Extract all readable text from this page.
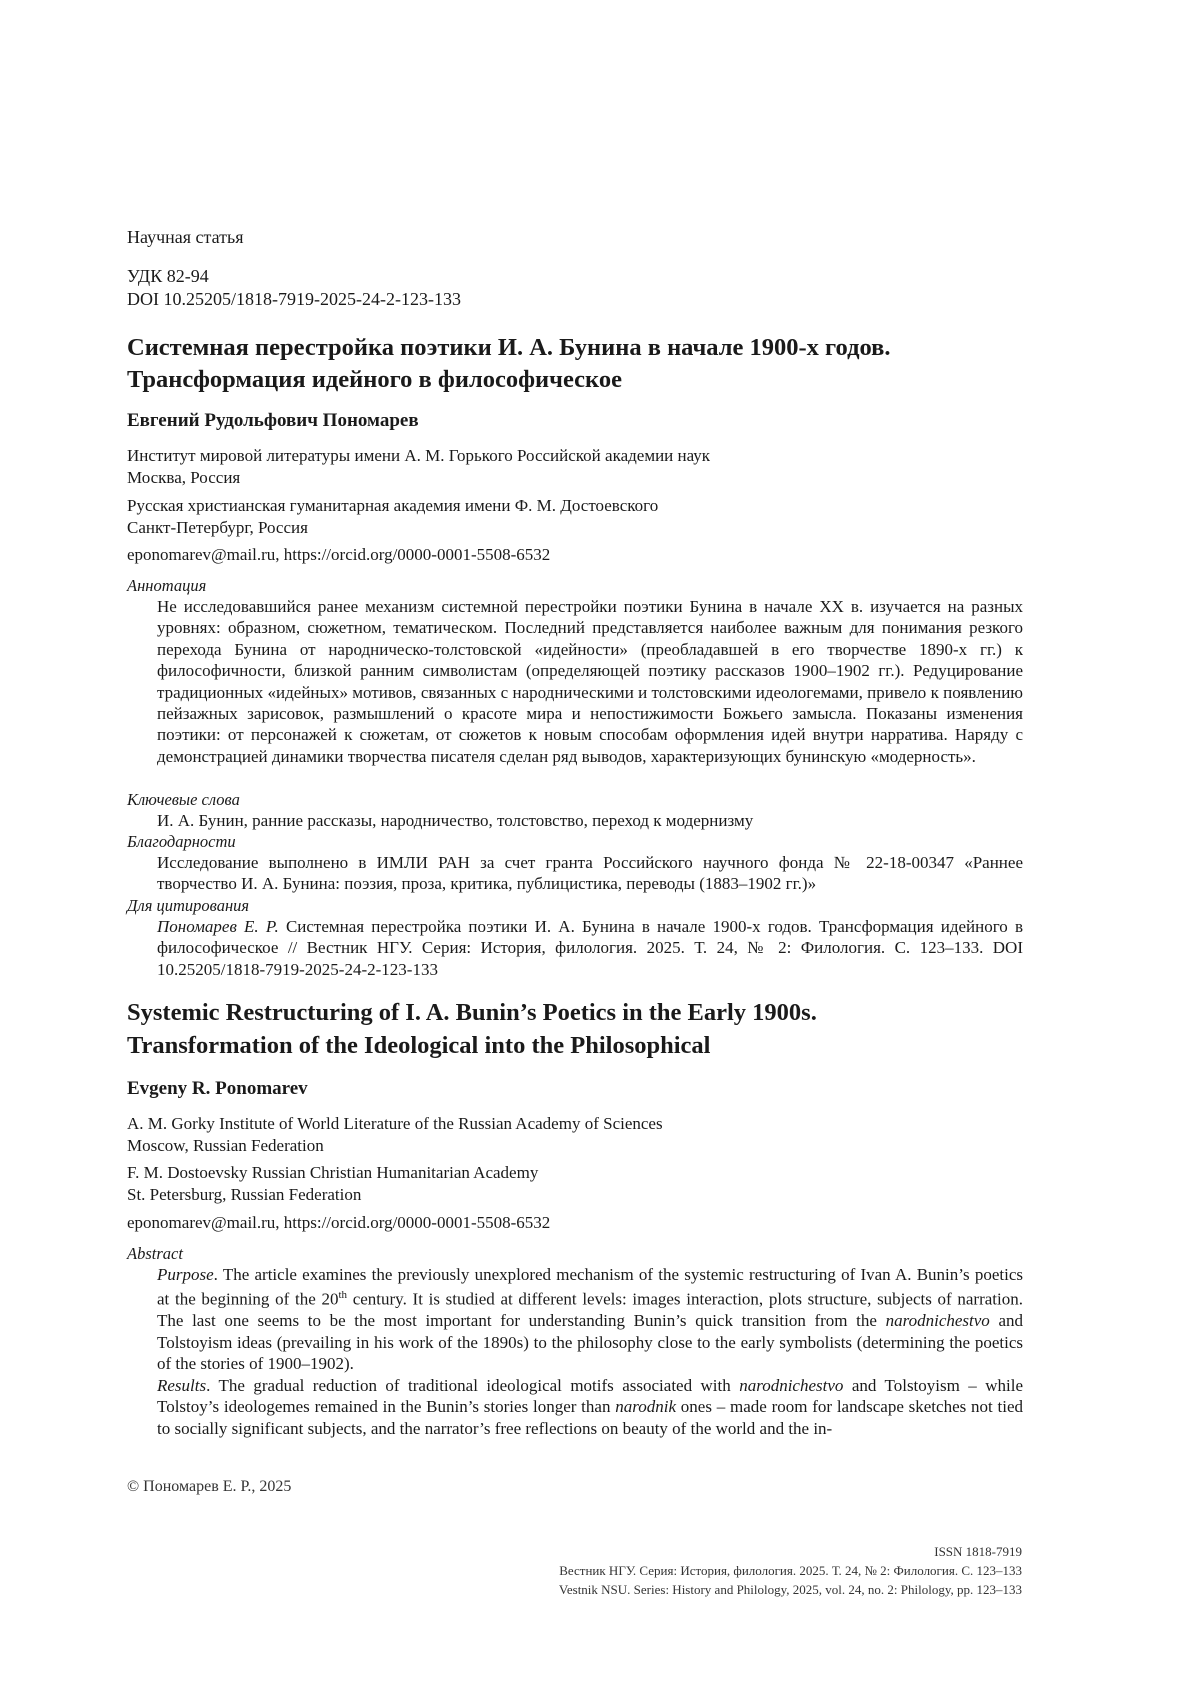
Научная статья
УДК 82-94
DOI 10.25205/1818-7919-2025-24-2-123-133
Системная перестройка поэтики И. А. Бунина в начале 1900-х годов.
Трансформация идейного в философическое
Евгений Рудольфович Пономарев
Институт мировой литературы имени А. М. Горького Российской академии наук
Москва, Россия
Русская христианская гуманитарная академия имени Ф. М. Достоевского
Санкт-Петербург, Россия
eponomarev@mail.ru, https://orcid.org/0000-0001-5508-6532
Аннотация

Не исследовавшийся ранее механизм системной перестройки поэтики Бунина в начале XX в. изучается на разных уровнях: образном, сюжетном, тематическом. Последний представляется наиболее важным для понимания резкого перехода Бунина от народническо-толстовской «идейности» (преобладавшей в его творчестве 1890-х гг.) к философичности, близкой ранним символистам (определяющей поэтику рассказов 1900–1902 гг.). Редуцирование традиционных «идейных» мотивов, связанных с народническими и толстовскими идеологемами, привело к появлению пейзажных зарисовок, размышлений о красоте мира и непостижимости Божьего замысла. Показаны изменения поэтики: от персонажей к сюжетам, от сюжетов к новым способам оформления идей внутри нарратива. Наряду с демонстрацией динамики творчества писателя сделан ряд выводов, характеризующих бунинскую «модерность».

Ключевые слова
И. А. Бунин, ранние рассказы, народничество, толстовство, переход к модернизму
Благодарности
Исследование выполнено в ИМЛИ РАН за счет гранта Российского научного фонда № 22-18-00347 «Раннее творчество И. А. Бунина: поэзия, проза, критика, публицистика, переводы (1883–1902 гг.)»
Для цитирования

Пономарев Е. Р. Системная перестройка поэтики И. А. Бунина в начале 1900-х годов. Трансформация идейного в философическое // Вестник НГУ. Серия: История, филология. 2025. Т. 24, № 2: Филология. С. 123–133. DOI 10.25205/1818-7919-2025-24-2-123-133

Systemic Restructuring of I. A. Bunin’s Poetics in the Early 1900s.
Transformation of the Ideological into the Philosophical
Evgeny R. Ponomarev
A. M. Gorky Institute of World Literature of the Russian Academy of Sciences
Moscow, Russian Federation
F. M. Dostoevsky Russian Christian Humanitarian Academy
St. Petersburg, Russian Federation
eponomarev@mail.ru, https://orcid.org/0000-0001-5508-6532
Abstract

Purpose. The article examines the previously unexplored mechanism of the systemic restructuring of Ivan A. Bunin’s poetics at the beginning of the 20th century. It is studied at different levels: images interaction, plots structure, subjects of narration. The last one seems to be the most important for understanding Bunin’s quick transition from the narodnichestvo and Tolstoyism ideas (prevailing in his work of the 1890s) to the philosophy close to the early symbolists (determining the poetics of the stories of 1900–1902).

Results. The gradual reduction of traditional ideological motifs associated with narodnichestvo and Tolstoyism – while Tolstoy’s ideologemes remained in the Bunin’s stories longer than narodnik ones – made room for landscape sketches not tied to socially significant subjects, and the narrator’s free reflections on beauty of the world and the in-

© Пономарев Е. Р., 2025
ISSN 1818-7919
Вестник НГУ. Серия: История, филология. 2025. Т. 24, № 2: Филология. С. 123–133
Vestnik NSU. Series: History and Philology, 2025, vol. 24, no. 2: Philology, pp. 123–133
